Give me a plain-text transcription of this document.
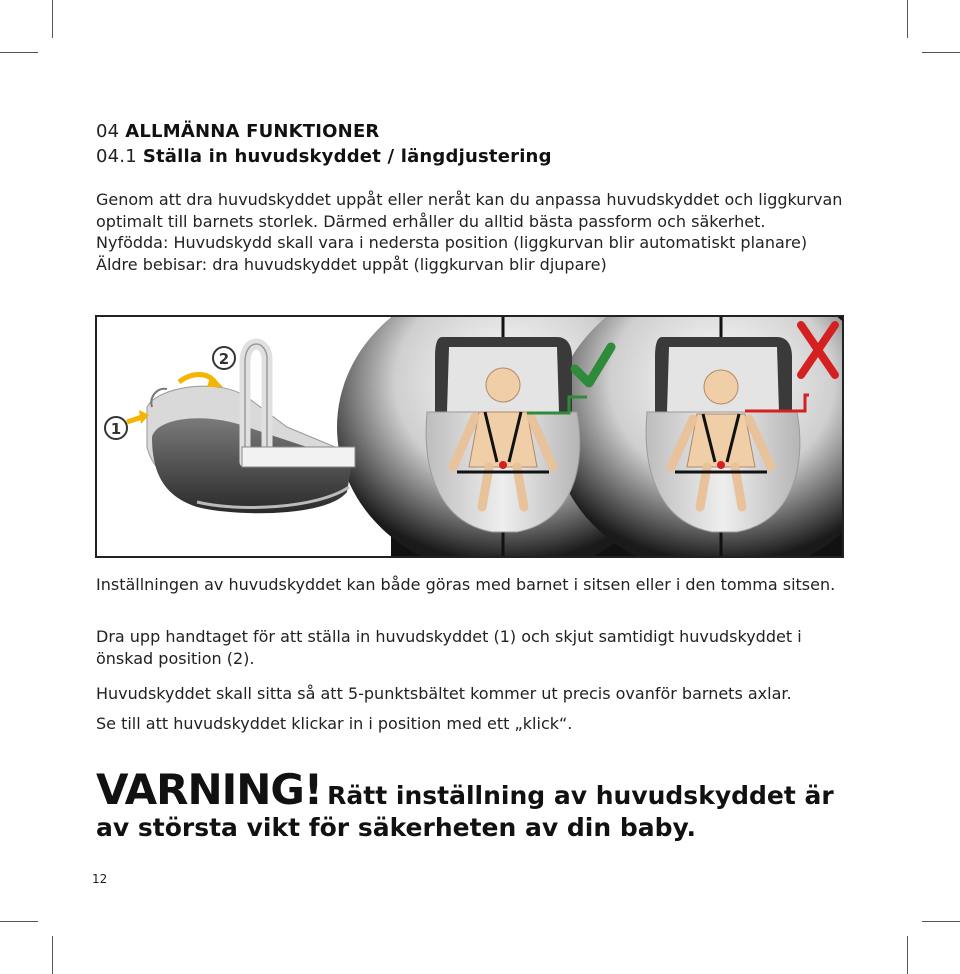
04 ALLMÄNNA FUNKTIONER
04.1 Ställa in huvudskyddet / längdjustering

Genom att dra huvudskyddet uppåt eller neråt kan du anpassa huvudskyddet och liggkurvan optimalt till barnets storlek. Därmed erhåller du alltid bästa passform och säkerhet.

Nyfödda: Huvudskydd skall vara i nedersta position (liggkurvan blir automatiskt planare)

Äldre bebisar: dra huvudskyddet uppåt (liggkurvan blir djupare)

2
1

Inställningen av huvudskyddet kan både göras med barnet i sitsen eller i den tomma sitsen.

Dra upp handtaget för att ställa in huvudskyddet (1) och skjut samtidigt huvudskyddet i önskad position (2).

Huvudskyddet skall sitta så att 5-punktsbältet kommer ut precis ovanför barnets axlar.

Se till att huvudskyddet klickar in i position med ett „klick“.

VARNING! Rätt inställning av huvudskyddet är
av största vikt för säkerheten av din baby.
12
